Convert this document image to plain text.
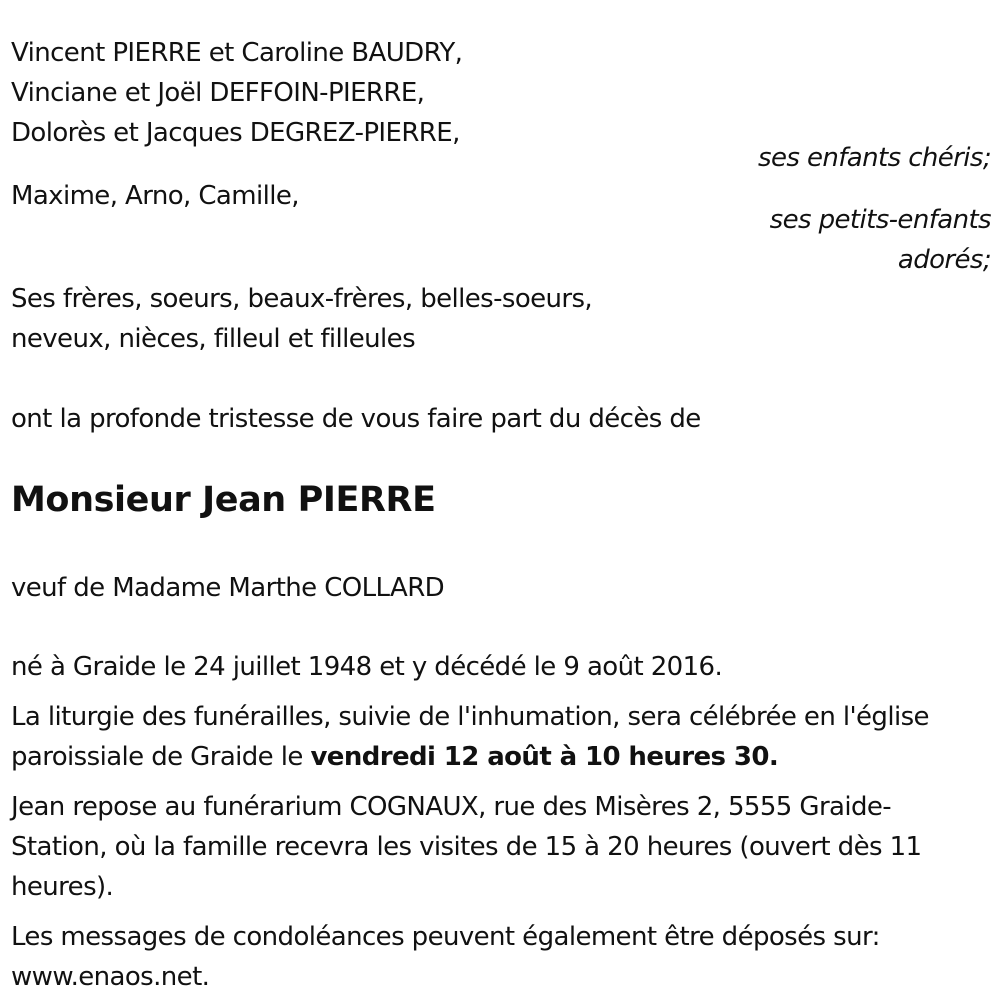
Vincent PIERRE et Caroline BAUDRY,
Vinciane et Joël DEFFOIN-PIERRE,
Dolorès et Jacques DEGREZ-PIERRE,
ses enfants chéris;
Maxime, Arno, Camille,
ses petits-enfants
adorés;
Ses frères, soeurs, beaux-frères, belles-soeurs,
neveux, nièces, filleul et filleules
ont la profonde tristesse de vous faire part du décès de
Monsieur Jean PIERRE
veuf de Madame Marthe COLLARD
né à Graide le 24 juillet 1948 et y décédé le 9 août 2016.
La liturgie des funérailles, suivie de l'inhumation, sera célébrée en l'église
paroissiale de Graide le vendredi 12 août à 10 heures 30.
Jean repose au funérarium COGNAUX, rue des Misères 2, 5555 Graide-
Station, où la famille recevra les visites de 15 à 20 heures (ouvert dès 11
heures).
Les messages de condoléances peuvent également être déposés sur:
www.enaos.net.
